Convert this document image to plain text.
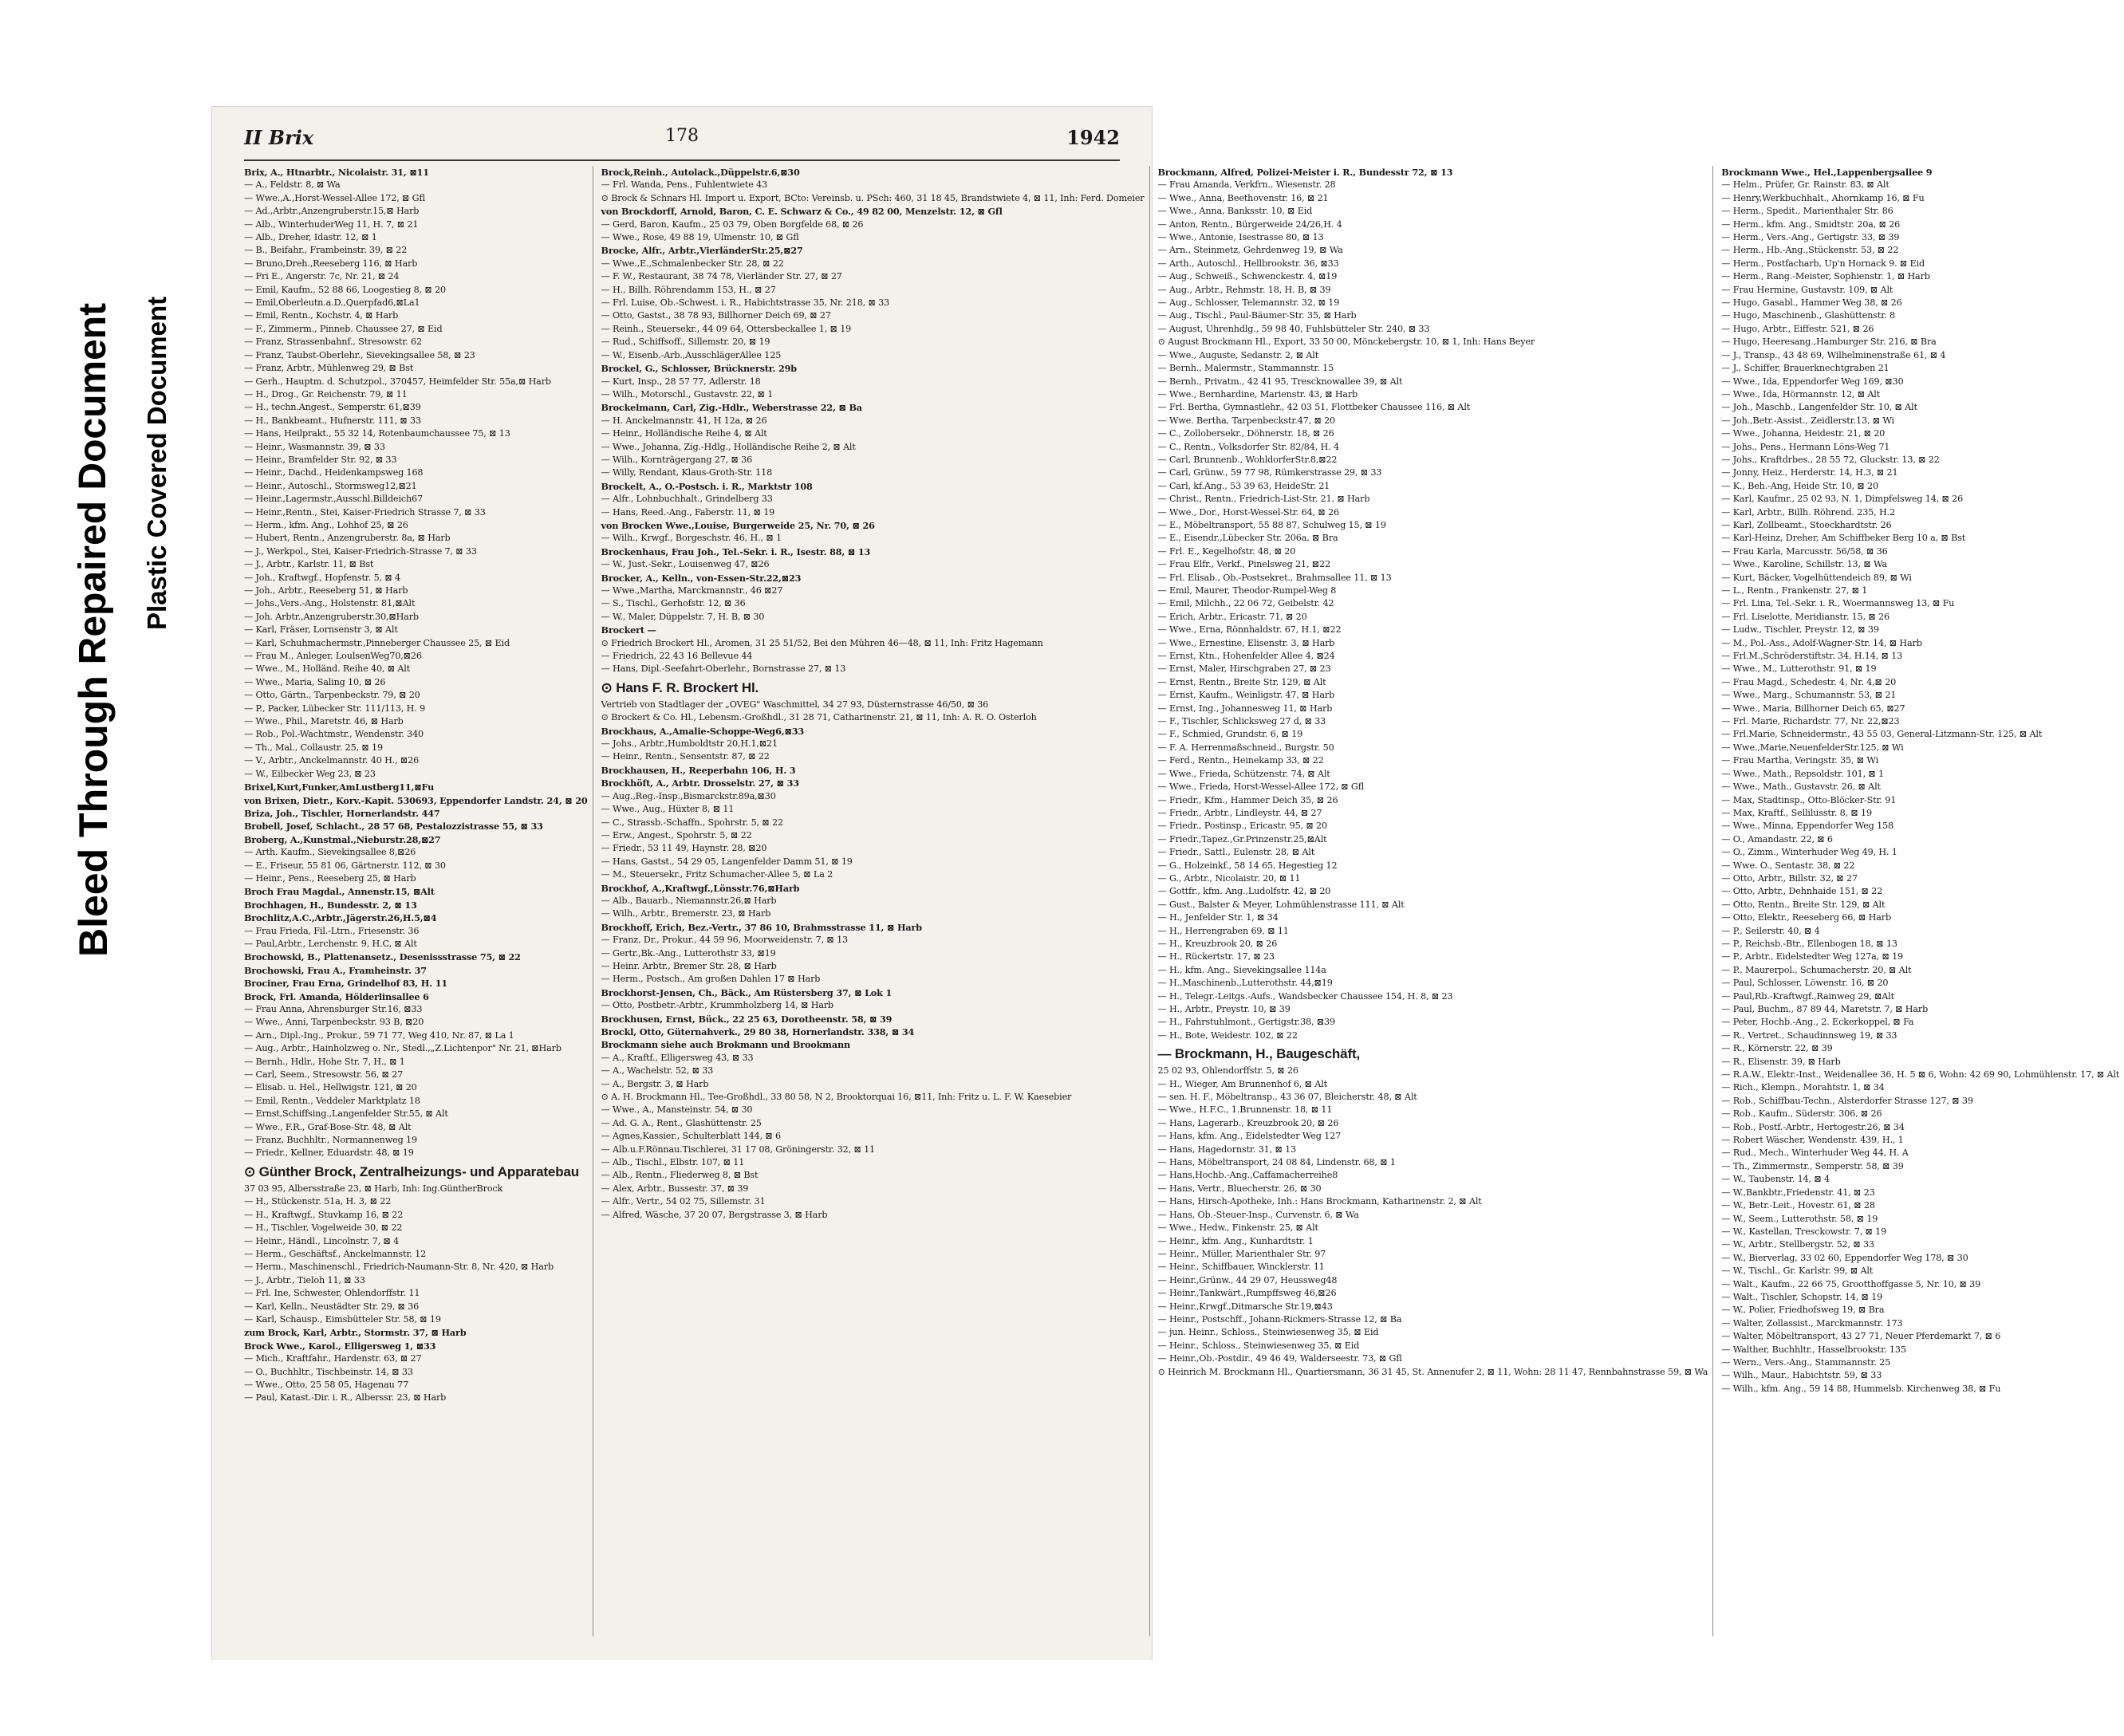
Bleed Through Repaired Document Plastic Covered Document
II Brix	178	1942
Brix, A., Htnarbtr., Nicolaistr. 31, ⊠11
— A., Feldstr. 8, ⊠ Wa
— Wwe.,A.,Horst-Wessel-Allee 172, ⊠ Gfl
— Ad.,Arbtr.,Anzengruberstr.15,⊠ Harb
— Alb., WinterhuderWeg 11, H. 7, ⊠ 21
— Alb., Dreher, Idastr. 12, ⊠ 1
— B., Beifahr., Frambeinstr. 39, ⊠ 22
— Bruno,Dreh.,Reeseberg 116, ⊠ Harb
— Fri E., Angerstr. 7c, Nr. 21, ⊠ 24
— Emil, Kaufm., 52 88 66, Loogestieg 8, ⊠ 20
— Emil,Oberleutn.a.D.,Querpfad6,⊠La1
— Emil, Rentn., Kochstr. 4, ⊠ Harb
— F., Zimmerm., Pinneb. Chaussee 27, ⊠ Eid
— Franz, Strassenbahnf., Stresowstr. 62
— Franz, Taubst-Oberlehr., Sievekingsallee 58, ⊠ 23
— Franz, Arbtr., Mühlenweg 29, ⊠ Bst
— Gerh., Hauptm. d. Schutzpol., 370457, Heimfelder Str. 55a,⊠ Harb
— H., Drog., Gr. Reichenstr. 79, ⊠ 11
— H., techn.Angest., Semperstr. 61,⊠39
— H., Bankbeamt., Hufnerstr. 111, ⊠ 33
— Hans, Heilprakt., 55 32 14, Rotenbaumchaussee 75, ⊠ 13
— Heinr., Wasmannstr. 39, ⊠ 33
— Heinr., Bramfelder Str. 92, ⊠ 33
— Heinr., Dachd., Heidenkampsweg 168
— Heinr., Autoschl., Stormsweg12,⊠21
— Heinr.,Lagermstr.,Ausschl.Billdeich67
— Heinr.,Rentn., Stei, Kaiser-Friedrich Strasse 7, ⊠ 33
— Herm., kfm. Ang., Lohhof 25, ⊠ 26
— Hubert, Rentn., Anzengruberstr. 8a, ⊠ Harb
— J., Werkpol., Stei, Kaiser-Friedrich-Strasse 7, ⊠ 33
— J., Arbtr., Karlstr. 11, ⊠ Bst
— Joh., Kraftwgf., Hopfenstr. 5, ⊠ 4
— Joh., Arbtr., Reeseberg 51, ⊠ Harb
— Johs.,Vers.-Ang., Holstenstr. 81,⊠Alt
— Joh. Arbtr.,Anzengruberstr.30,⊠Harb
— Karl, Fräser, Lornsenstr 3, ⊠ Alt
— Karl, Schuhmachermstr.,Pinneberger Chaussee 25, ⊠ Eid
— Frau M., Anleger. LoulsenWeg70,⊠26
— Wwe., M., Holländ. Reihe 40, ⊠ Alt
— Wwe., Maria, Saling 10, ⊠ 26
— Otto, Gärtn., Tarpenbeckstr. 79, ⊠ 20
— P., Packer, Lübecker Str. 111/113, H. 9
— Wwe., Phil., Maretstr. 46, ⊠ Harb
— Rob., Pol.-Wachtmstr., Wendenstr. 340
— Th., Mal., Collaustr. 25, ⊠ 19
— V., Arbtr., Anckelmannstr. 40 H., ⊠26
— W., Eilbecker Weg 23, ⊠ 23
Brixel,Kurt,Funker,AmLustberg11,⊠Fu
von Brixen, Dietr., Korv.-Kapit. 530693, Eppendorfer Landstr. 24, ⊠ 20
Briza, Joh., Tischler, Hornerlandstr. 447
Brobell, Josef, Schlacht., 28 57 68, Pestalozzistrasse 55, ⊠ 33
Broberg, A.,Kunstmal.,Nieburstr.28,⊠27
— Arth. Kaufm., Sievekingsallee 8,⊠26
— E., Friseur, 55 81 06, Gärtnerstr. 112, ⊠ 30
— Heinr., Pens., Reeseberg 25, ⊠ Harb
Broch Frau Magdal., Annenstr.15, ⊠Alt
Brochhagen, H., Bundesstr. 2, ⊠ 13
Brochlitz,A.C.,Arbtr.,Jägerstr.26,H.5,⊠4
— Frau Frieda, Fil.-Ltrn., Friesenstr. 36
— Paul,Arbtr., Lerchenstr. 9, H.C, ⊠ Alt
Brochowski, B., Plattenansetz., Desenissstrasse 75, ⊠ 22
Brochowski, Frau A., Framheinstr. 37
Brociner, Frau Erna, Grindelhof 83, H. 11
Brock, Frl. Amanda, Hölderlinsallee 6
— Frau Anna, Ahrensburger Str.16, ⊠33
— Wwe., Anni, Tarpenbeckstr. 93 B, ⊠20
— Arn., Dipl.-Ing., Prokur., 59 71 77, Weg 410, Nr. 87, ⊠ La 1
— Aug., Arbtr., Hainholzweg o. Nr., Stedl.,„Z.Lichtenpor" Nr. 21, ⊠Harb
— Bernh., Hdlr., Hohe Str. 7, H., ⊠ 1
— Carl, Seem., Stresowstr. 56, ⊠ 27
— Elisab. u. Hel., Hellwigstr. 121, ⊠ 20
— Emil, Rentn., Veddeler Marktplatz 18
— Ernst,Schiffsing.,Langenfelder Str.55, ⊠ Alt
— Wwe., F.R., Graf-Bose-Str. 48, ⊠ Alt
— Franz, Buchhltr., Normannenweg 19
— Friedr., Kellner, Eduardstr. 48, ⊠ 19
⊙ Günther Brock, Zentralheizungs- und Apparatebau
37 03 95, Albersstraße 23, ⊠ Harb, Inh: Ing.GüntherBrock
— H., Stückenstr. 51a, H. 3, ⊠ 22
— H., Kraftwgf., Stuvkamp 16, ⊠ 22
— H., Tischler, Vogelweide 30, ⊠ 22
— Heinr., Händl., Lincolnstr. 7, ⊠ 4
— Herm., Geschäftsf., Anckelmannstr. 12
— Herm., Maschinenschl., Friedrich-Naumann-Str. 8, Nr. 420, ⊠ Harb
— J., Arbtr., Tieloh 11, ⊠ 33
— Frl. Ine, Schwester, Ohlendorffstr. 11
— Karl, Kelln., Neustädter Str. 29, ⊠ 36
— Karl, Schausp., Eimsbütteler Str. 58, ⊠ 19
zum Brock, Karl, Arbtr., Stormstr. 37, ⊠ Harb
Brock Wwe., Karol., Elligersweg 1, ⊠33
— Mich., Kraftfahr., Hardenstr. 63, ⊠ 27
— O., Buchhltr., Tischbeinstr. 14, ⊠ 33
— Wwe., Otto, 25 58 05, Hagenau 77
— Paul, Katast.-Dir. i. R., Alberssr. 23, ⊠ Harb
Brock,Reinh., Autolack.,Düppelstr.6,⊠30
— Frl. Wanda, Pens., Fuhlentwiete 43
⊙ Brock & Schnars Hl. Import u. Export, BCto: Vereinsb. u. PSch: 460, 31 18 45, Brandstwiete 4, ⊠ 11, Inh: Ferd. Domeier
von Brockdorff, Arnold, Baron, C. E. Schwarz & Co., 49 82 00, Menzelstr. 12, ⊠ Gfl
— Gerd, Baron, Kaufm., 25 03 79, Oben Borgfelde 68, ⊠ 26
— Wwe., Rose, 49 88 19, Ulmenstr. 10, ⊠ Gfl
Brocke, Alfr., Arbtr.,VierländerStr.25,⊠27
— Wwe.,E.,Schmalenbecker Str. 28, ⊠ 22
— F. W., Restaurant, 38 74 78, Vierländer Str. 27, ⊠ 27
— H., Billh. Röhrendamm 153, H., ⊠ 27
— Frl. Luise, Ob.-Schwest. i. R., Habichtstrasse 35, Nr. 218, ⊠ 33
— Otto, Gastst., 38 78 93, Billhorner Deich 69, ⊠ 27
— Reinh., Steuersekr., 44 09 64, Ottersbeckallee 1, ⊠ 19
— Rud., Schiffsoff., Sillemstr. 20, ⊠ 19
— W., Eisenb.-Arb.,AusschlägerAllee 125
Brockel, G., Schlosser, Brücknerstr. 29b
— Kurt, Insp., 28 57 77, Adlerstr. 18
— Wilh., Motorschl., Gustavstr. 22, ⊠ 1
Brockelmann, Carl, Zig.-Hdlr., Weberstrasse 22, ⊠ Ba
— H. Anckelmannstr. 41, H 12a, ⊠ 26
— Heinr., Holländische Reihe 4, ⊠ Alt
— Wwe., Johanna, Zig.-Hdlg., Holländische Reihe 2, ⊠ Alt
— Wilh., Kornträgergang 27, ⊠ 36
— Willy, Rendant, Klaus-Groth-Str. 118
Brockelt, A., O.-Postsch. i. R., Marktstr 108
— Alfr., Lohnbuchhalt., Grindelberg 33
— Hans, Reed.-Ang., Faberstr. 11, ⊠ 19
von Brocken Wwe.,Louise, Burgerweide 25, Nr. 70, ⊠ 26
— Wilh., Krwgf., Borgeschstr. 46, H., ⊠ 1
Brockenhaus, Frau Joh., Tel.-Sekr. i. R., Isestr. 88, ⊠ 13
— W., Just.-Sekr., Louisenweg 47, ⊠26
Brocker, A., Kelln., von-Essen-Str.22,⊠23
— Wwe.,Martha, Marckmannstr., 46 ⊠27
— S., Tischl., Gerhofstr. 12, ⊠ 36
— W., Maler, Düppelstr. 7, H. B, ⊠ 30
Brockert —
⊙ Friedrich Brockert Hl., Aromen, 31 25 51/52, Bei den Mühren 46—48, ⊠ 11, Inh: Fritz Hagemann
— Friedrich, 22 43 16 Bellevue 44
— Hans, Dipl.-Seefahrt-Oberlehr., Bornstrasse 27, ⊠ 13
⊙ Hans F. R. Brockert Hl.
Vertrieb von Stadtlager der „OVEG" Waschmittel, 34 27 93, Düsternstrasse 46/50, ⊠ 36
⊙ Brockert & Co. Hl., Lebensm.-Großhdl., 31 28 71, Catharinenstr. 21, ⊠ 11, Inh: A. R. O. Osterloh
Brockhaus, A.,Amalie-Schoppe-Weg6,⊠33
— Johs., Arbtr.,Humboldtstr 20,H.1,⊠21
— Heinr., Rentn., Sensentstr. 87, ⊠ 22
Brockhausen, H., Reeperbahn 106, H. 3
Brockhöft, A., Arbtr. Drosselstr. 27, ⊠ 33
— Aug.,Reg.-Insp.,Bismarckstr.89a,⊠30
— Wwe., Aug., Hüxter 8, ⊠ 11
— C., Strassb.-Schaffn., Spohrstr. 5, ⊠ 22
— Erw., Angest., Spohrstr. 5, ⊠ 22
— Friedr., 53 11 49, Haynstr. 28, ⊠20
— Hans, Gastst., 54 29 05, Langenfelder Damm 51, ⊠ 19
— M., Steuersekr., Fritz Schumacher-Allee 5, ⊠ La 2
Brockhof, A.,Kraftwgf.,Lönsstr.76,⊠Harb
— Alb., Bauarb., Niemannstr.26,⊠ Harb
— Wilh., Arbtr., Bremerstr. 23, ⊠ Harb
Brockhoff, Erich, Bez.-Vertr., 37 86 10, Brahmsstrasse 11, ⊠ Harb
— Franz, Dr., Prokur., 44 59 96, Moorweidenstr. 7, ⊠ 13
— Gertr.,Bk.-Ang., Lutterothstr 33, ⊠19
— Heinr. Arbtr., Bremer Str. 28, ⊠ Harb
— Herm., Postsch., Am großen Dahlen 17 ⊠ Harb
Brockhorst-Jensen, Ch., Bäck., Am Rüstersberg 37, ⊠ Lok 1
— Otto, Postbetr.-Arbtr., Krummholzberg 14, ⊠ Harb
Brockhusen, Ernst, Bück., 22 25 63, Dorotheenstr. 58, ⊠ 39
Brockl, Otto, Güternahverk., 29 80 38, Hornerlandstr. 338, ⊠ 34
Brockmann siehe auch Brokmann und Brookmann
— A., Kraftf., Elligersweg 43, ⊠ 33
— A., Wachelstr. 52, ⊠ 33
— A., Bergstr. 3, ⊠ Harb
⊙ A. H. Brockmann Hl., Tee-Großhdl., 33 80 58, N 2, Brooktorquai 16, ⊠11, Inh: Fritz u. L. F. W. Kaesebier
— Wwe., A., Mansteinstr. 54, ⊠ 30
— Ad. G. A., Rent., Glashüttenstr. 25
— Agnes,Kassier., Schulterblatt 144, ⊠ 6
— Alb.u.F.Rönnau.Tischlerei, 31 17 08, Gröningerstr. 32, ⊠ 11
— Alb., Tischl., Elbstr. 107, ⊠ 11
— Alb., Rentn., Fliederweg 8, ⊠ Bst
— Alex, Arbtr., Bussestr. 37, ⊠ 39
— Alfr., Vertr., 54 02 75, Sillemstr. 31
— Alfred, Wäsche, 37 20 07, Bergstrasse 3, ⊠ Harb
Brockmann, Alfred, Polizei-Meister i. R., Bundesstr 72, ⊠ 13
— Frau Amanda, Verkfrn., Wiesenstr. 28
— Wwe., Anna, Beethovenstr. 16, ⊠ 21
— Wwe., Anna, Banksstr. 10, ⊠ Eid
— Anton, Rentn., Bürgerweide 24/26,H. 4
— Wwe., Antonie, Isestrasse 80, ⊠ 13
— Arn., Steinmetz, Gehrdenweg 19, ⊠ Wa
— Arth., Autoschl., Hellbrookstr. 36, ⊠33
— Aug., Schweiß., Schwenckestr. 4, ⊠19
— Aug., Arbtr., Rehmstr. 18, H. B, ⊠ 39
— Aug., Schlosser, Telemannstr. 32, ⊠ 19
— Aug., Tischl., Paul-Bäumer-Str. 35, ⊠ Harb
— August, Uhrenhdlg., 59 98 40, Fuhlsbütteler Str. 240, ⊠ 33
⊙ August Brockmann Hl., Export, 33 50 00, Mönckebergstr. 10, ⊠ 1, Inh: Hans Beyer
— Wwe., Auguste, Sedanstr. 2, ⊠ Alt
— Bernh., Malermstr., Stammannstr. 15
— Bernh., Privatm., 42 41 95, Trescknowallee 39, ⊠ Alt
— Wwe., Bernhardine, Marienstr. 43, ⊠ Harb
— Frl. Bertha, Gymnastlehr., 42 03 51, Flottbeker Chaussee 116, ⊠ Alt
— Wwe. Bertha, Tarpenbeckstr.47, ⊠ 20
— C., Zollobersekr., Döhnerstr. 18, ⊠ 26
— C., Rentn., Volksdorfer Str. 82/84, H. 4
— Carl, Brunnenb., WohldorferStr.8,⊠22
— Carl, Grünw., 59 77 98, Rümkerstrasse 29, ⊠ 33
— Carl, kf.Ang., 53 39 63, HeideStr. 21
— Christ., Rentn., Friedrich-List-Str. 21, ⊠ Harb
— Wwe., Dor., Horst-Wessel-Str. 64, ⊠ 26
— E., Möbeltransport, 55 88 87, Schulweg 15, ⊠ 19
— E., Eisendr.,Lübecker Str. 206a, ⊠ Bra
— Frl. E., Kegelhofstr. 48, ⊠ 20
— Frau Elfr., Verkf., Pinelsweg 21, ⊠22
— Frl. Elisab., Ob.-Postsekret., Brahmsallee 11, ⊠ 13
— Emil, Maurer, Theodor-Rumpel-Weg 8
— Emil, Milchh., 22 06 72, Geibelstr. 42
— Erich, Arbtr., Ericastr. 71, ⊠ 20
— Wwe., Erna, Rönnhaldstr. 67, H.1, ⊠22
— Wwe., Ernestine, Elisenstr. 3, ⊠ Harb
— Ernst, Ktn., Hohenfelder Allee 4, ⊠24
— Ernst, Maler, Hirschgraben 27, ⊠ 23
— Ernst, Rentn., Breite Str. 129, ⊠ Alt
— Ernst, Kaufm., Weinligstr. 47, ⊠ Harb
— Ernst, Ing., Johannesweg 11, ⊠ Harb
— F., Tischler, Schlicksweg 27 d, ⊠ 33
— F., Schmied, Grundstr. 6, ⊠ 19
— F. A. Herrenmaßschneid., Burgstr. 50
— Ferd., Rentn., Heinekamp 33, ⊠ 22
— Wwe., Frieda, Schützenstr. 74, ⊠ Alt
— Wwe., Frieda, Horst-Wessel-Allee 172, ⊠ Gfl
— Friedr., Kfm., Hammer Deich 35, ⊠ 26
— Friedr., Arbtr., Lindleystr. 44, ⊠ 27
— Friedr., Postinsp., Ericastr. 95, ⊠ 20
— Friedr.,Tapez.,Gr.Prinzenstr.25,⊠Alt
— Friedr., Sattl., Eulenstr. 28, ⊠ Alt
— G., Holzeinkf., 58 14 65, Hegestieg 12
— G., Arbtr., Nicolaistr. 20, ⊠ 11
— Gottfr., kfm. Ang.,Ludolfstr. 42, ⊠ 20
— Gust., Balster & Meyer, Lohmühlenstrasse 111, ⊠ Alt
— H., Jenfelder Str. 1, ⊠ 34
— H., Herrengraben 69, ⊠ 11
— H., Kreuzbrook 20, ⊠ 26
— H., Rückertstr. 17, ⊠ 23
— H., kfm. Ang., Sievekingsallee 114a
— H.,Maschinenb.,Lutterothstr. 44,⊠19
— H., Telegr.-Leitgs.-Aufs., Wandsbecker Chaussee 154, H. 8, ⊠ 23
— H., Arbtr., Preystr. 10, ⊠ 39
— H., Fahrstuhlmont., Gertigstr.38, ⊠39
— H., Bote, Weidestr. 102, ⊠ 22
— Brockmann, H., Baugeschäft,
25 02 93, Ohlendorffstr. 5, ⊠ 26
— H., Wieger, Am Brunnenhof 6, ⊠ Alt
— sen. H. F., Möbeltransp., 43 36 07, Bleicherstr. 48, ⊠ Alt
— Wwe., H.F.C., 1.Brunnenstr. 18, ⊠ 11
— Hans, Lagerarb., Kreuzbrook 20, ⊠ 26
— Hans, kfm. Ang., Eidelstedter Weg 127
— Hans, Hagedornstr. 31, ⊠ 13
— Hans, Möbeltransport, 24 08 84, Lindenstr. 68, ⊠ 1
— Hans,Hochb.-Ang.,Caffamacherreihe8
— Hans, Vertr., Bluecherstr. 26, ⊠ 30
— Hans, Hirsch-Apotheke, Inh.: Hans Brockmann, Katharinenstr. 2, ⊠ Alt
— Hans, Ob.-Steuer-Insp., Curvenstr. 6, ⊠ Wa
— Wwe., Hedw., Finkenstr. 25, ⊠ Alt
— Heinr., kfm. Ang., Kunhardtstr. 1
— Heinr., Müller, Marienthaler Str. 97
— Heinr., Schiffbauer, Wincklerstr. 11
— Heinr.,Grünw., 44 29 07, Heussweg48
— Heinr.,Tankwärt.,Rumpffsweg 46,⊠26
— Heinr.,Krwgf.,Ditmarsche Str.19,⊠43
— Heinr., Postschff., Johann-Rickmers-Strasse 12, ⊠ Ba
— jun. Heinr., Schloss., Steinwiesenweg 35, ⊠ Eid
— Heinr., Schloss., Steinwiesenweg 35, ⊠ Eid
— Heinr.,Ob.-Postdir., 49 46 49, Walderseestr. 73, ⊠ Gfl
⊙ Heinrich M. Brockmann Hl., Quartiersmann, 36 31 45, St. Annenufer 2, ⊠ 11, Wohn: 28 11 47, Rennbahnstrasse 59, ⊠ Wa
Brockmann Wwe., Hel.,Lappenbergsallee 9
— Helm., Prüfer, Gr. Rainstr. 83, ⊠ Alt
— Henry,Werkbuchhalt., Ahornkamp 16, ⊠ Fu
— Herm., Spedit., Marienthaler Str. 86
— Herm., kfm. Ang., Smidtstr. 20a, ⊠ 26
— Herm., Vers.-Ang., Gertigstr. 33, ⊠ 39
— Herm., Hb.-Ang.,Stückenstr. 53, ⊠ 22
— Herm., Postfacharb, Up'n Hornack 9. ⊠ Eid
— Herm., Rang.-Meister, Sophienstr. 1, ⊠ Harb
— Frau Hermine, Gustavstr. 109, ⊠ Alt
— Hugo, Gasabl., Hammer Weg 38, ⊠ 26
— Hugo, Maschinenb., Glashüttenstr. 8
— Hugo, Arbtr., Eiffestr. 521, ⊠ 26
— Hugo, Heeresang.,Hamburger Str. 216, ⊠ Bra
— J., Transp., 43 48 69, Wilhelminenstraße 61, ⊠ 4
— J., Schiffer, Brauerknechtgraben 21
— Wwe., Ida, Eppendorfer Weg 169, ⊠30
— Wwe., Ida, Hörmannstr. 12, ⊠ Alt
— Joh., Maschb., Langenfelder Str. 10, ⊠ Alt
— Joh.,Betr.-Assist., Zeidlerstr.13, ⊠ Wi
— Wwe., Johanna, Heidestr. 21, ⊠ 20
— Johs., Pens., Hermann Löns-Weg 71
— Johs., Kraftdrbes., 28 55 72, Gluckstr. 13, ⊠ 22
— Jonny, Heiz., Herderstr. 14, H.3, ⊠ 21
— K., Beh.-Ang, Heide Str. 10, ⊠ 20
— Karl, Kaufmr., 25 02 93, N. 1, Dimpfelsweg 14, ⊠ 26
— Karl, Arbtr., Billh. Röhrend. 235, H.2
— Karl, Zollbeamt., Stoeckhardtstr. 26
— Karl-Heinz, Dreher, Am Schiffbeker Berg 10 a, ⊠ Bst
— Frau Karla, Marcusstr. 56/58, ⊠ 36
— Wwe., Karoline, Schillstr. 13, ⊠ Wa
— Kurt, Bäcker, Vogelhüttendeich 89, ⊠ Wi
— L., Rentn., Frankenstr. 27, ⊠ 1
— Frl. Lina, Tel.-Sekr. i. R., Woermannsweg 13, ⊠ Fu
— Frl. Liselotte, Meridianstr. 15, ⊠ 26
— Ludw., Tischler, Preystr. 12, ⊠ 39
— M., Pol.-Ass., Adolf-Wagner-Str. 14, ⊠ Harb
— Frl.M.,Schröderstiftstr. 34, H.14, ⊠ 13
— Wwe., M., Lutterothstr. 91, ⊠ 19
— Frau Magd., Schedestr. 4, Nr. 4,⊠ 20
— Wwe., Marg., Schumannstr. 53, ⊠ 21
— Wwe., Maria, Billhorner Deich 65, ⊠27
— Frl. Marie, Richardstr. 77, Nr. 22,⊠23
— Frl.Marie, Schneidermstr., 43 55 03, General-Litzmann-Str. 125, ⊠ Alt
— Wwe.,Marie,NeuenfelderStr.125, ⊠ Wi
— Frau Martha, Veringstr. 35, ⊠ Wi
— Wwe., Math., Repsoldstr. 101, ⊠ 1
— Wwe., Math., Gustavstr. 26, ⊠ Alt
— Max, Stadtinsp., Otto-Blöcker-Str. 91
— Max, Kraftf., Sellilusstr. 8, ⊠ 19
— Wwe., Minna, Eppendorfer Weg 158
— O., Amandastr. 22, ⊠ 6
— O., Zimm., Winterhuder Weg 49, H. 1
— Wwe. O., Sentastr. 38, ⊠ 22
— Otto, Arbtr., Billstr. 32, ⊠ 27
— Otto, Arbtr., Dehnhaide 151, ⊠ 22
— Otto, Rentn., Breite Str. 129, ⊠ Alt
— Otto, Elektr., Reeseberg 66, ⊠ Harb
— P., Seilerstr. 40, ⊠ 4
— P., Reichsb.-Btr., Ellenbogen 18, ⊠ 13
— P., Arbtr., Eidelstedter Weg 127a, ⊠ 19
— P., Maurerpol., Schumacherstr. 20, ⊠ Alt
— Paul, Schlosser, Löwenstr. 16, ⊠ 20
— Paul,Rb.-Kraftwgf.,Rainweg 29, ⊠Alt
— Paul, Buchm., 87 89 44, Maretstr. 7, ⊠ Harb
— Peter, Hochb.-Ang., 2. Eckerkoppel, ⊠ Fa
— R., Vertret., Schaudinnsweg 19, ⊠ 33
— R., Körnerstr. 22, ⊠ 39
— R., Elisenstr. 39, ⊠ Harb
— R.A.W., Elektr.-Inst., Weidenallee 36, H. 5 ⊠ 6, Wohn: 42 69 90, Lohmühlenstr. 17, ⊠ Alt
— Rich., Klempn., Morahtstr. 1, ⊠ 34
— Rob., Schiffbau-Techn., Alsterdorfer Strasse 127, ⊠ 39
— Rob., Kaufm., Süderstr. 306, ⊠ 26
— Rob., Postf.-Arbtr., Hertogestr.26, ⊠ 34
— Robert Wäscher, Wendenstr. 439, H., 1
— Rud., Mech., Winterhuder Weg 44, H. A
— Th., Zimmermstr., Semperstr. 58, ⊠ 39
— W., Taubenstr. 14, ⊠ 4
— W.,Bankbtr.,Friedenstr. 41, ⊠ 23
— W., Betr.-Leit., Hovestr. 61, ⊠ 28
— W., Seem., Lutterothstr. 58, ⊠ 19
— W., Kastellan, Tresckowstr. 7, ⊠ 19
— W., Arbtr., Stellbergstr. 52, ⊠ 33
— W., Bierverlag, 33 02 60, Eppendorfer Weg 178, ⊠ 30
— W., Tischl., Gr. Karlstr. 99, ⊠ Alt
— Walt., Kaufm., 22 66 75, Grootthoffgasse 5, Nr. 10, ⊠ 39
— Walt., Tischler, Schopstr. 14, ⊠ 19
— W., Polier, Friedhofsweg 19, ⊠ Bra
— Walter, Zollassist., Marckmannstr. 173
— Walter, Möbeltransport, 43 27 71, Neuer Pferdemarkt 7, ⊠ 6
— Walther, Buchhltr., Hasselbrookstr. 135
— Wern., Vers.-Ang., Stammannstr. 25
— Wilh., Maur., Habichtstr. 59, ⊠ 33
— Wilh., kfm. Ang., 59 14 88, Hummelsb. Kirchenweg 38, ⊠ Fu
